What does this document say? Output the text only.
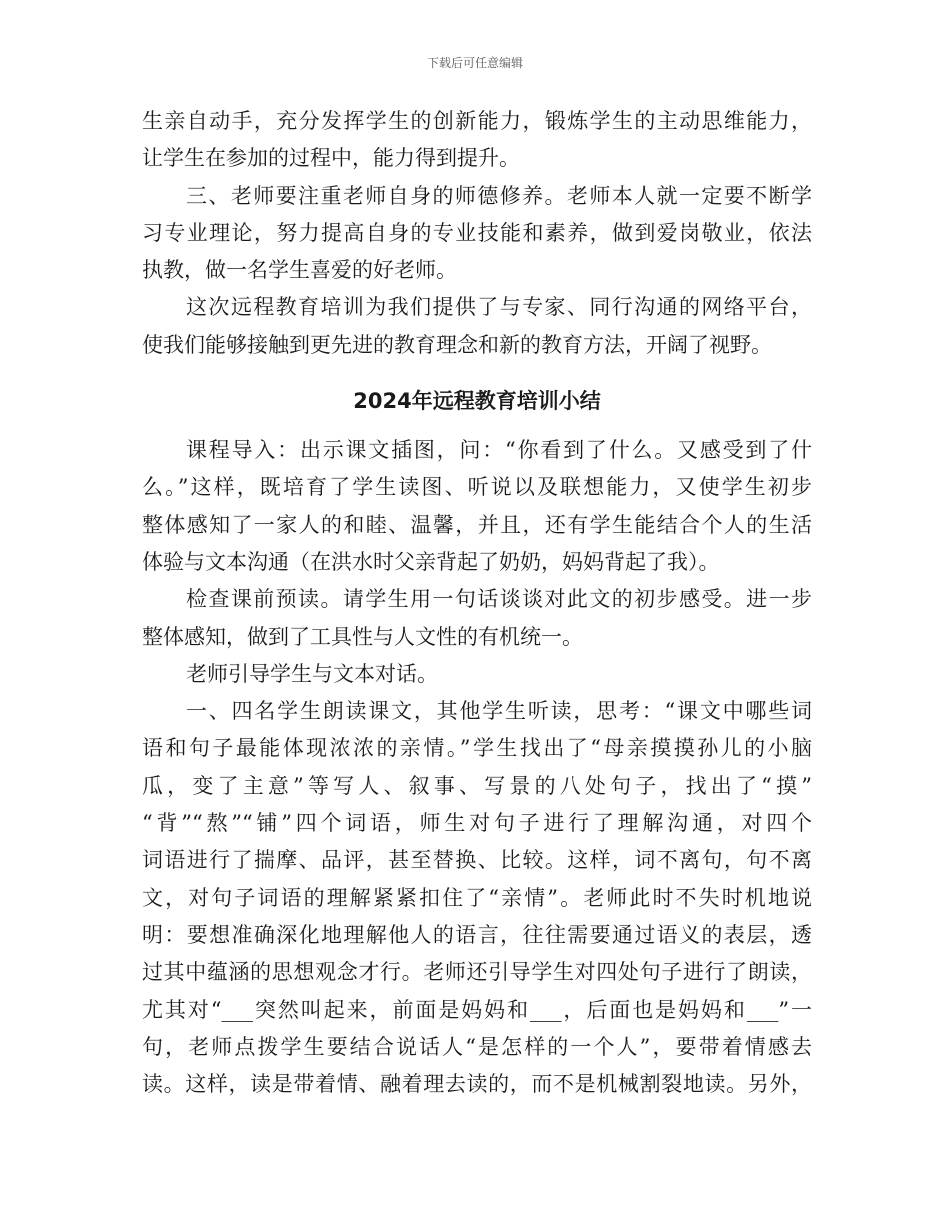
下载后可任意编辑
生亲自动手，充分发挥学生的创新能力，锻炼学生的主动思维能力，
让学生在参加的过程中，能力得到提升。
三、老师要注重老师自身的师德修养。老师本人就一定要不断学
习专业理论，努力提高自身的专业技能和素养，做到爱岗敬业，依法
执教，做一名学生喜爱的好老师。
这次远程教育培训为我们提供了与专家、同行沟通的网络平台，
使我们能够接触到更先进的教育理念和新的教育方法，开阔了视野。
2024年远程教育培训小结
课程导入：出示课文插图，问：“你看到了什么。又感受到了什
么。”这样，既培育了学生读图、听说以及联想能力，又使学生初步
整体感知了一家人的和睦、温馨，并且，还有学生能结合个人的生活
体验与文本沟通（在洪水时父亲背起了奶奶，妈妈背起了我）。
检查课前预读。请学生用一句话谈谈对此文的初步感受。进一步
整体感知，做到了工具性与人文性的有机统一。
老师引导学生与文本对话。
一、四名学生朗读课文，其他学生听读，思考：“课文中哪些词
语和句子最能体现浓浓的亲情。”学生找出了“母亲摸摸孙儿的小脑
瓜，变了主意”等写人、叙事、写景的八处句子，找出了“摸”
“背”“熬”“铺”四个词语，师生对句子进行了理解沟通，对四个
词语进行了揣摩、品评，甚至替换、比较。这样，词不离句，句不离
文，对句子词语的理解紧紧扣住了“亲情”。老师此时不失时机地说
明：要想准确深化地理解他人的语言，往往需要通过语义的表层，透
过其中蕴涵的思想观念才行。老师还引导学生对四处句子进行了朗读，
尤其对“___突然叫起来，前面是妈妈和___，后面也是妈妈和___”一
句，老师点拨学生要结合说话人“是怎样的一个人”，要带着情感去
读。这样，读是带着情、融着理去读的，而不是机械割裂地读。另外，
